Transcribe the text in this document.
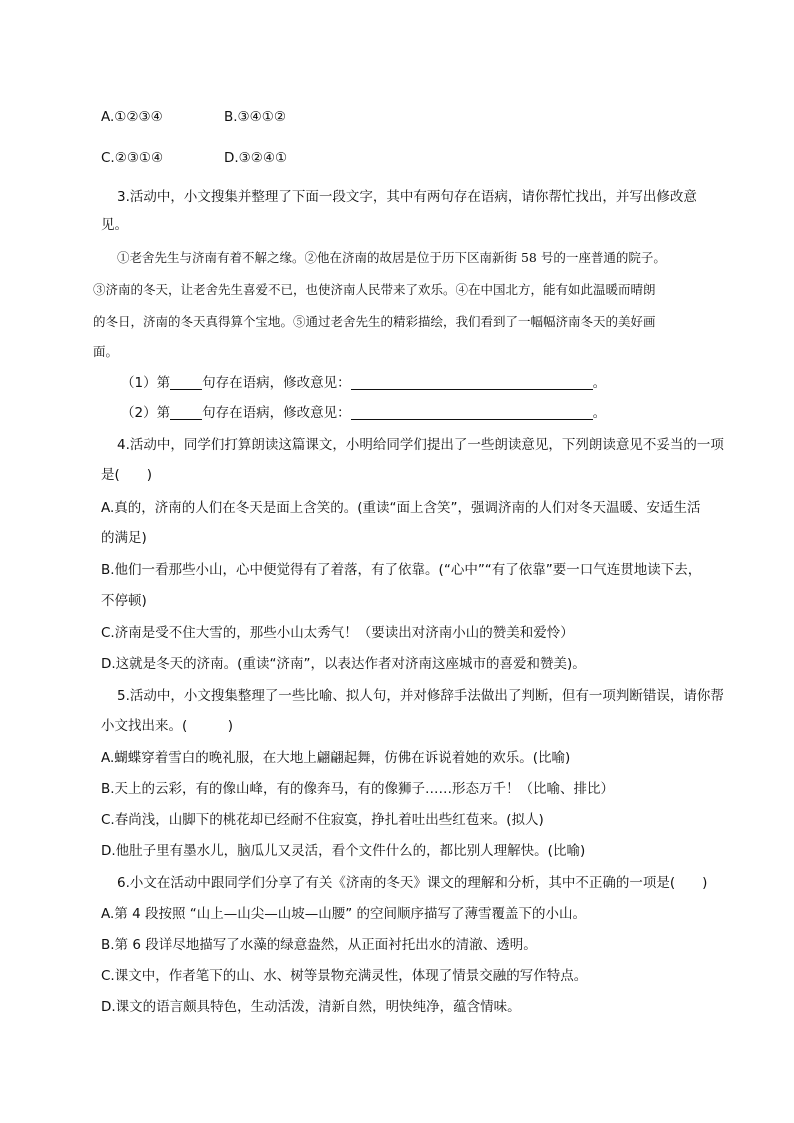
A.①②③④	B.③④①②
C.②③①④	D.③②④①
3.活动中，小文搜集并整理了下面一段文字，其中有两句存在语病，请你帮忙找出，并写出修改意
见。
①老舍先生与济南有着不解之缘。②他在济南的故居是位于历下区南新街 58 号的一座普通的院子。
③济南的冬天，让老舍先生喜爱不已，也使济南人民带来了欢乐。④在中国北方，能有如此温暖而晴朗
的冬日，济南的冬天真得算个宝地。⑤通过老舍先生的精彩描绘，我们看到了一幅幅济南冬天的美好画
面。
（1）第 句存在语病，修改意见：	。
（2）第 句存在语病，修改意见：	。
4.活动中，同学们打算朗读这篇课文，小明给同学们提出了一些朗读意见，下列朗读意见不妥当的一项
是(　　)
A.真的，济南的人们在冬天是面上含笑的。(重读“面上含笑”，强调济南的人们对冬天温暖、安适生活
的满足)
B.他们一看那些小山，心中便觉得有了着落，有了依靠。(“心中”“有了依靠”要一口气连贯地读下去，
不停顿)
C.济南是受不住大雪的，那些小山太秀气！（要读出对济南小山的赞美和爱怜）
D.这就是冬天的济南。(重读“济南”，以表达作者对济南这座城市的喜爱和赞美)。
5.活动中，小文搜集整理了一些比喻、拟人句，并对修辞手法做出了判断，但有一项判断错误，请你帮
小文找出来。(　　　)
A.蝴蝶穿着雪白的晚礼服，在大地上翩翩起舞，仿佛在诉说着她的欢乐。(比喻)
B.天上的云彩，有的像山峰，有的像奔马，有的像狮子……形态万千！（比喻、排比）
C.春尚浅，山脚下的桃花却已经耐不住寂寞，挣扎着吐出些红苞来。(拟人)
D.他肚子里有墨水儿，脑瓜儿又灵活，看个文件什么的，都比别人理解快。(比喻)
6.小文在活动中跟同学们分享了有关《济南的冬天》课文的理解和分析，其中不正确的一项是(　　)
A.第 4 段按照 “山上—山尖—山坡—山腰” 的空间顺序描写了薄雪覆盖下的小山。
B.第 6 段详尽地描写了水藻的绿意盎然，从正面衬托出水的清澈、透明。
C.课文中，作者笔下的山、水、树等景物充满灵性，体现了情景交融的写作特点。
D.课文的语言颇具特色，生动活泼，清新自然，明快纯净，蕴含情味。
